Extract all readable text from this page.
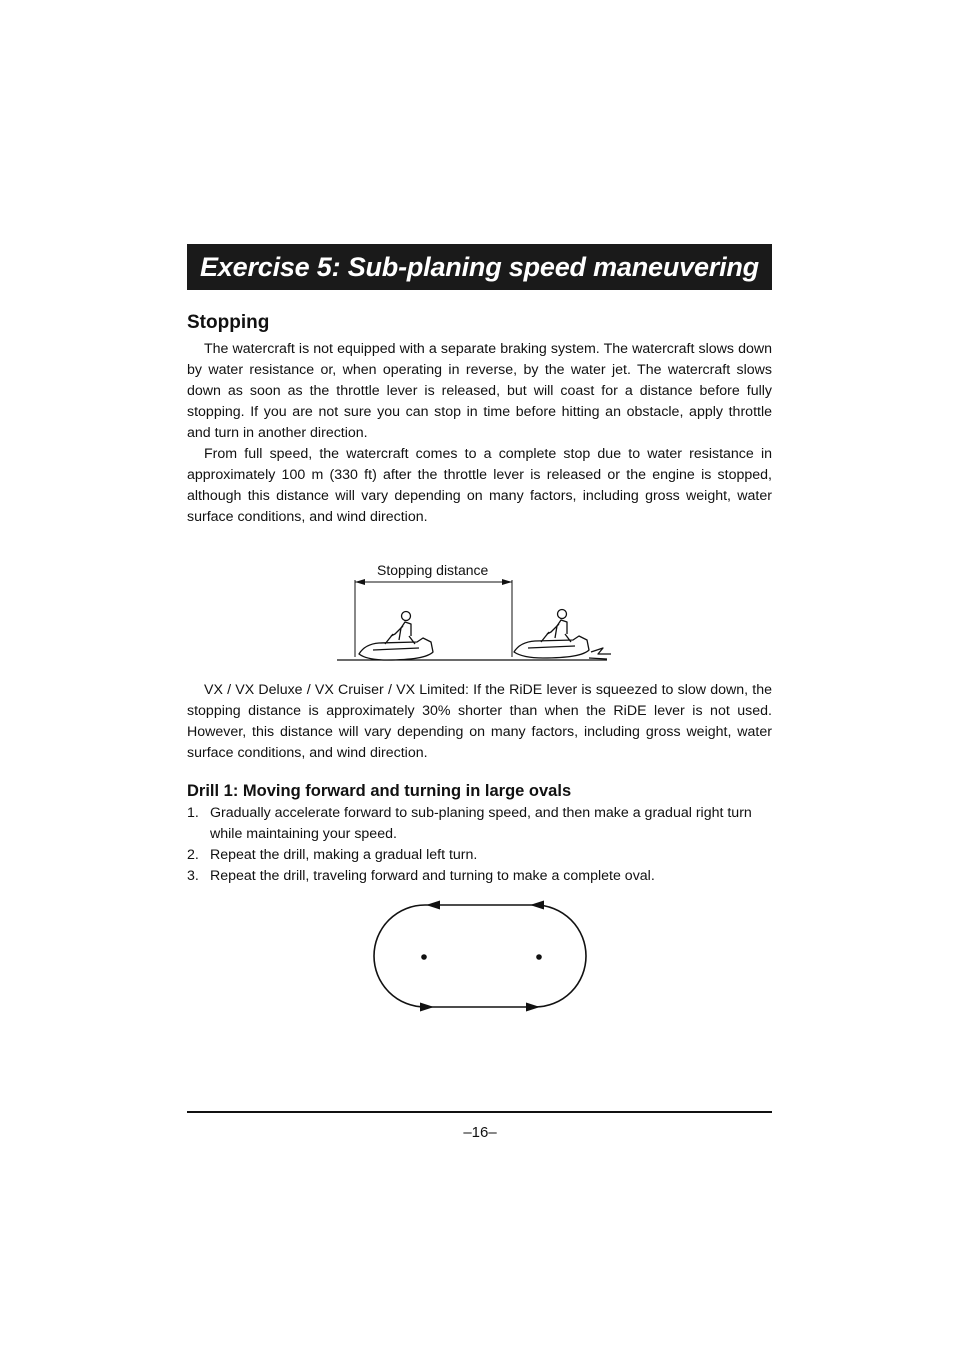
Exercise 5: Sub-planing speed maneuvering
Stopping

The watercraft is not equipped with a separate braking system. The watercraft slows down by water resistance or, when operating in reverse, by the water jet. The watercraft slows down as soon as the throttle lever is released, but will coast for a distance before fully stopping. If you are not sure you can stop in time before hitting an obstacle, apply throttle and turn in another direction.

From full speed, the watercraft comes to a complete stop due to water resistance in approximately 100 m (330 ft) after the throttle lever is released or the engine is stopped, although this distance will vary depending on many factors, including gross weight, water surface conditions, and wind direction.

Stopping distance

VX / VX Deluxe / VX Cruiser / VX Limited: If the RiDE lever is squeezed to slow down, the stopping distance is approximately 30% shorter than when the RiDE lever is not used. However, this distance will vary depending on many factors, including gross weight, water surface conditions, and wind direction.

Drill 1: Moving forward and turning in large ovals
1. Gradually accelerate forward to sub-planing speed, and then make a gradual right turn while maintaining your speed.
2. Repeat the drill, making a gradual left turn.
3. Repeat the drill, traveling forward and turning to make a complete oval.
–16–
